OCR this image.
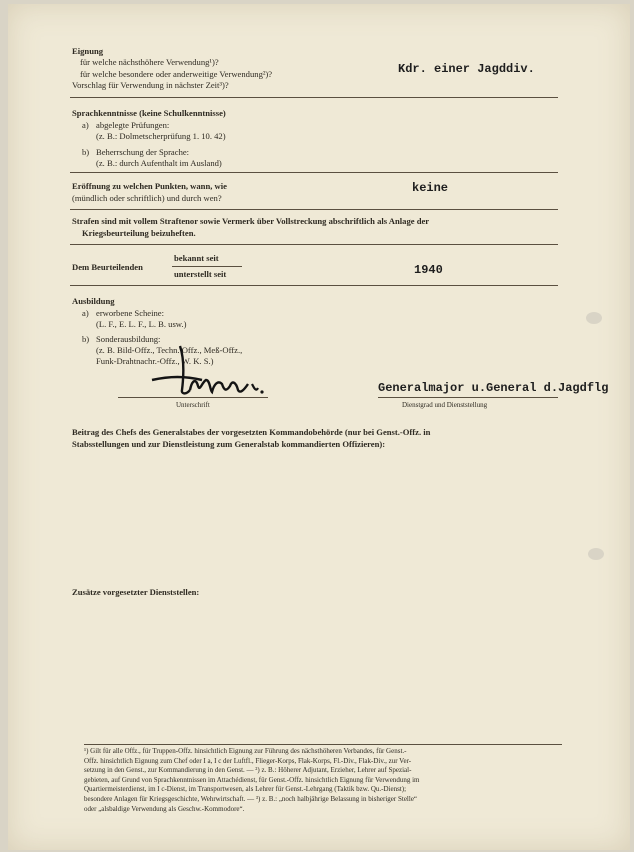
Eignung
für welche nächsthöhere Verwendung¹)?
für welche besondere oder anderweitige Verwendung²)?
Vorschlag für Verwendung in nächster Zeit³)?
Kdr. einer Jagddiv.
Sprachkenntnisse (keine Schulkenntnisse)
a) abgelegte Prüfungen:
(z. B.: Dolmetscherprüfung 1. 10. 42)
b) Beherrschung der Sprache:
(z. B.: durch Aufenthalt im Ausland)
Eröffnung zu welchen Punkten, wann, wie
(mündlich oder schriftlich) und durch wen?
keine
Strafen sind mit vollem Straftenor sowie Vermerk über Vollstreckung abschriftlich als Anlage der
Kriegsbeurteilung beizuheften.
Dem Beurteilenden
bekannt seit
unterstellt seit	1940
Ausbildung
a) erworbene Scheine:
(L. F., E. L. F., L. B. usw.)
b) Sonderausbildung:
(z. B. Bild-Offz., Techn. Offz., Meß-Offz.,
Funk-Drahtnachr.-Offz., W. K. S.)
Unterschrift
Generalmajor u.General d.Jagdflg
Dienstgrad und Dienststellung
Beitrag des Chefs des Generalstabes der vorgesetzten Kommandobehörde (nur bei Genst.-Offz. in
Stabsstellungen und zur Dienstleistung zum Generalstab kommandierten Offizieren):
Zusätze vorgesetzter Dienststellen:

¹) Gilt für alle Offz., für Truppen-Offz. hinsichtlich Eignung zur Führung des nächsthöheren Verbandes, für Genst.-

Offz. hinsichtlich Eignung zum Chef oder I a, I c der Luftfl., Flieger-Korps, Flak-Korps, Fl.-Div., Flak-Div., zur Ver-

setzung in den Genst., zur Kommandierung in den Genst. — ²) z. B.: Höherer Adjutant, Erzieher, Lehrer auf Spezial-

gebieten, auf Grund von Sprachkenntnissen im Attachédienst, für Genst.-Offz. hinsichtlich Eignung für Verwendung im

Quartiermeisterdienst, im I c-Dienst, im Transportwesen, als Lehrer für Genst.-Lehrgang (Taktik bzw. Qu.-Dienst);

besondere Anlagen für Kriegsgeschichte, Wehrwirtschaft. — ³) z. B.: „noch halbjährige Belassung in bisheriger Stelle“

oder „alsbaldige Verwendung als Geschw.-Kommodore“.
